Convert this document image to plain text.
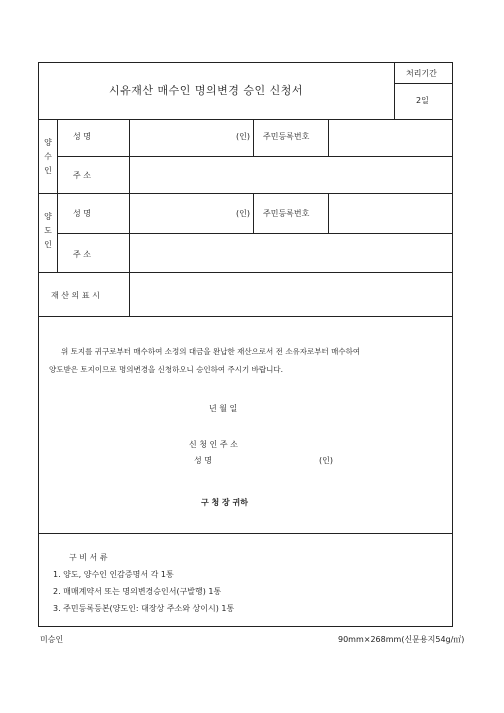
시유재산 매수인 명의변경 승인 신청서
처리기간
2일
양
수
인
성 명	(인) 주민등록번호
주 소
양
도
인
성 명	(인) 주민등록번호
주 소
재 산 의 표 시
위 토지를 귀구로부터 매수하여 소정의 대금을 완납한 재산으로서 전 소유자로부터 매수하여
양도받은 토지이므로 명의변경을 신청하오니 승인하여 주시기 바랍니다.
년 월 일
신 청 인 주 소
성 명	(인)
구 청 장 귀하
구 비 서 류
1. 양도, 양수인 인감증명서 각 1통
2. 매매계약서 또는 명의변경승인서(구발행) 1통
3. 주민등록등본(양도인: 대장상 주소와 상이시) 1통
미승인	90mm×268mm(신문용지54g/㎡)
